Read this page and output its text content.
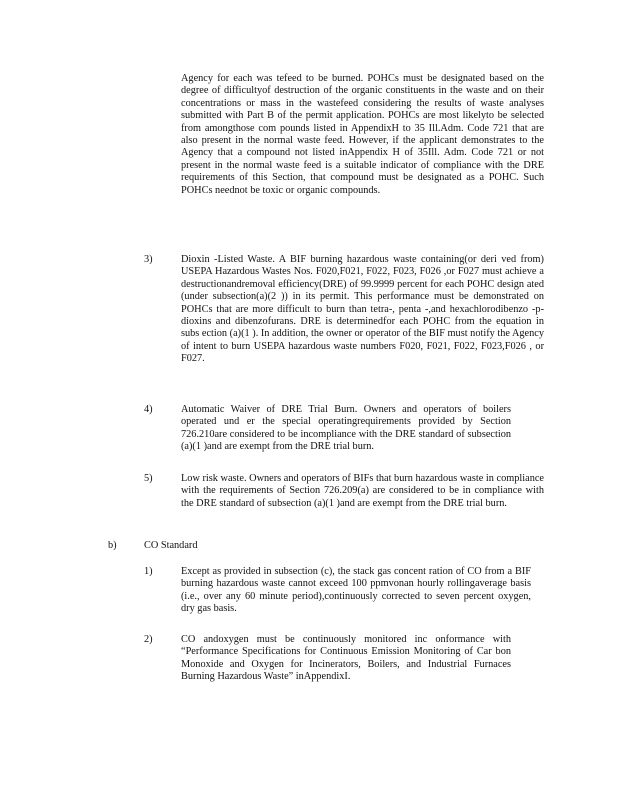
Agency for each was tefeed to be burned. POHCs must be designated based on the degree of difficultyof destruction of the organic constituents in the waste and on their concentrations or mass in the wastefeed considering the results of waste analyses submitted with Part B of the permit application. POHCs are most likelyto be selected from amongthose com pounds listed in AppendixH to 35 Ill.Adm. Code 721 that are also present in the normal waste feed. However, if the applicant demonstrates to the Agency that a compound not listed inAppendix H of 35Ill. Adm. Code 721 or not present in the normal waste feed is a suitable indicator of compliance with the DRE requirements of this Section, that compound must be designated as a POHC. Such POHCs neednot be toxic or organic compounds.

3)	Dioxin -Listed Waste. A BIF burning hazardous waste containing(or deri ved from) USEPA Hazardous Wastes Nos. F020,F021, F022, F023, F026 ,or F027 must achieve a destructionandremoval efficiency(DRE) of 99.9999 percent for each POHC design ated (under subsection(a)(2 )) in its permit. This performance must be demonstrated on POHCs that are more difficult to burn than tetra-, penta -,and hexachlorodibenzo -p- dioxins and dibenzofurans. DRE is determinedfor each POHC from the equation in subs ection (a)(1 ). In addition, the owner or operator of the BIF must notify the Agency of intent to burn USEPA hazardous waste numbers F020, F021, F022, F023,F026 , or F027.

4)	Automatic Waiver of DRE Trial Burn. Owners and operators of boilers operated und er the special operatingrequirements provided by Section 726.210are considered to be incompliance with the DRE standard of subsection (a)(1 )and are exempt from the DRE trial burn.

5)	Low risk waste. Owners and operators of BIFs that burn hazardous waste in compliance with the requirements of Section 726.209(a) are considered to be in compliance with the DRE standard of subsection (a)(1 )and are exempt from the DRE trial burn.

b)	CO Standard
1)	Except as provided in subsection (c), the stack gas concent ration of CO from a BIF burning hazardous waste cannot exceed 100 ppmvonan hourly rollingaverage basis (i.e., over any 60 minute period),continuously corrected to seven percent oxygen, dry gas basis.

2)	CO andoxygen must be continuously monitored inc onformance with “Performance Specifications for Continuous Emission Monitoring of Car bon Monoxide and Oxygen for Incinerators, Boilers, and Industrial Furnaces Burning Hazardous Waste” inAppendixI.
